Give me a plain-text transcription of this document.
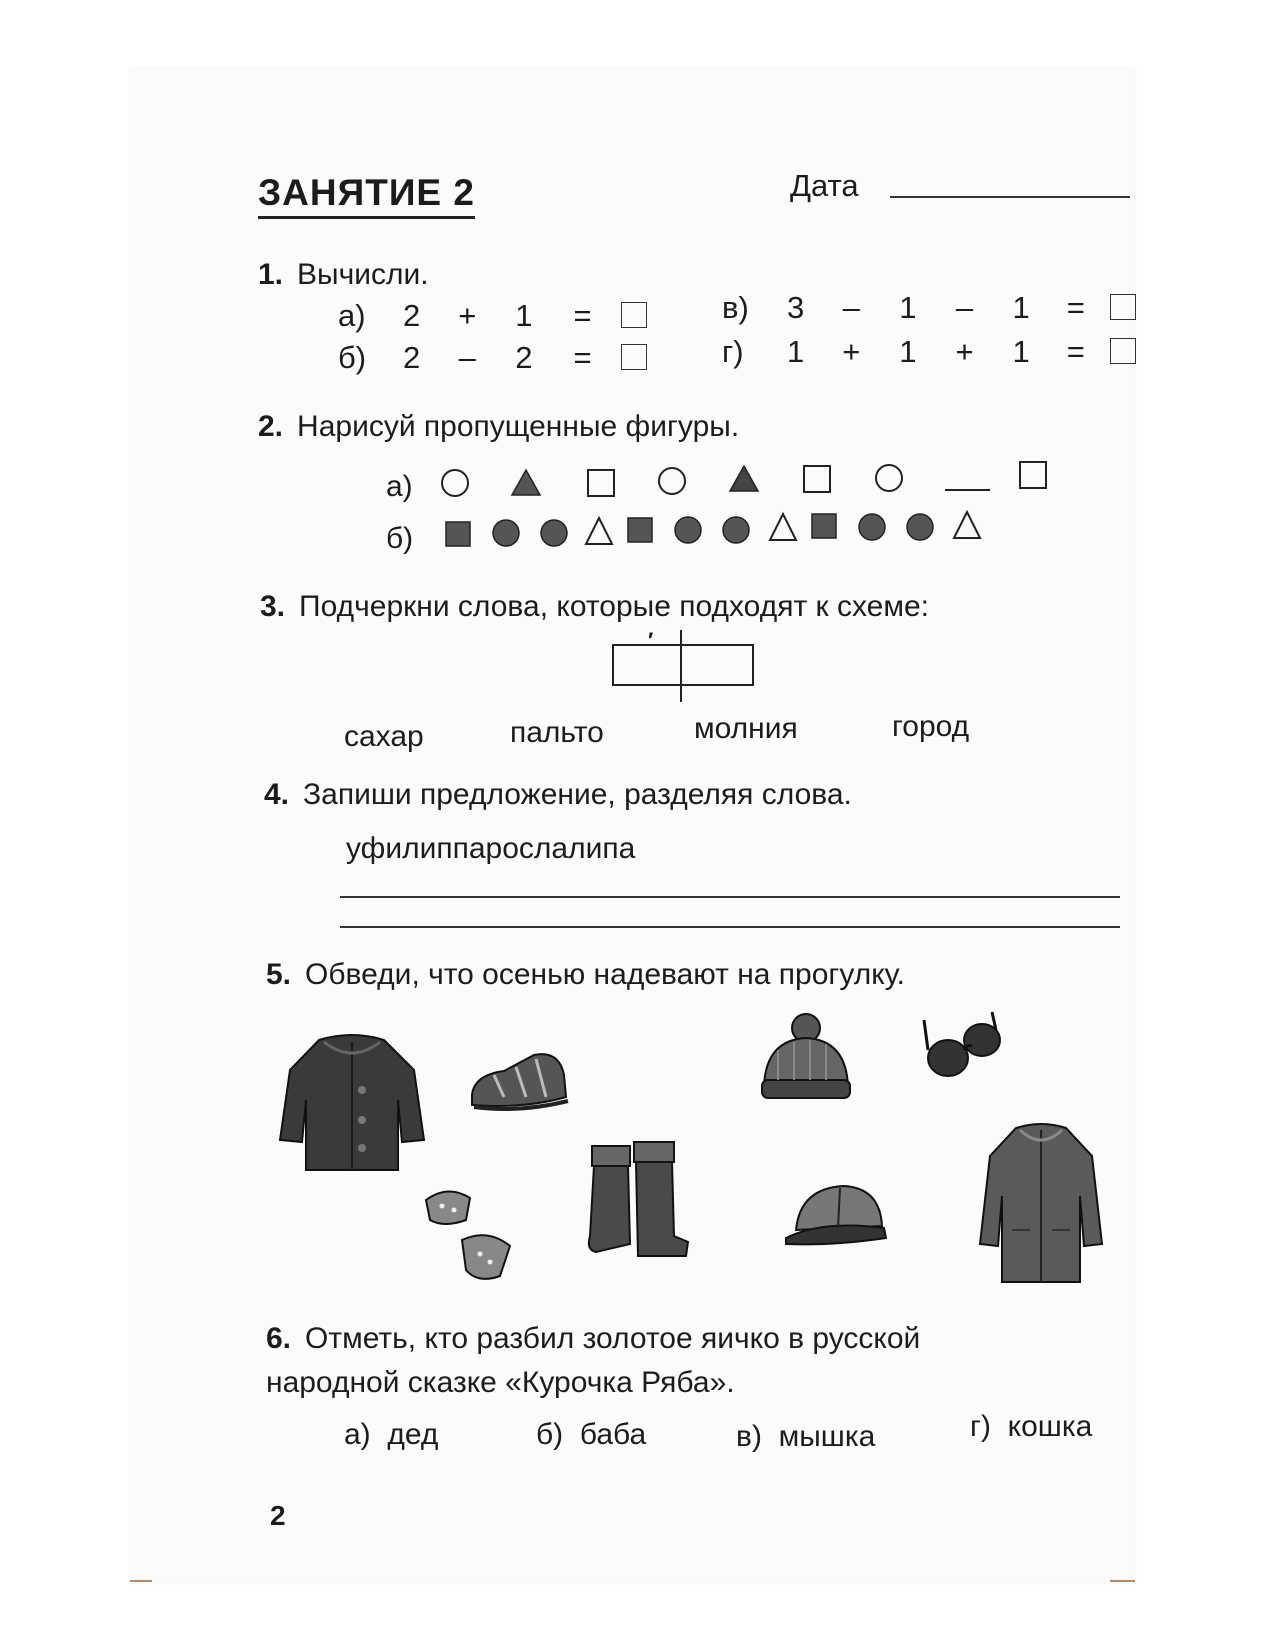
ЗАНЯТИЕ 2	Дата
1. Вычисли.
а) 2 + 1 =
б) 2 – 2 =
в) 3 – 1 – 1 =
г) 1 + 1 + 1 =
2. Нарисуй пропущенные фигуры.
а)
б)
3. Подчеркни слова, которые подходят к схеме:
′
сахар	пальто	молния	город
4. Запиши предложение, разделяя слова.
уфилиппарослалипа
5. Обведи, что осенью надевают на прогулку.
6. Отметь, кто разбил золотое яичко в русской
народной сказке «Курочка Ряба».
а) дед	б) баба	в) мышка	г) кошка
2
